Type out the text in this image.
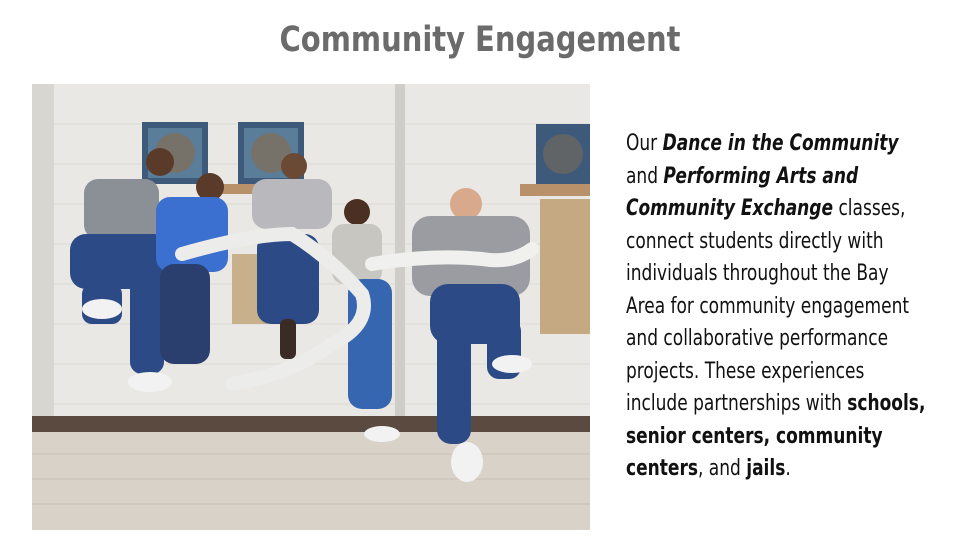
Community Engagement
Our Dance in the Community and Performing Arts and Community Exchange classes, connect students directly with individuals throughout the Bay Area for community engagement and collaborative performance projects. These experiences include partnerships with schools, senior centers, community centers, and jails.
